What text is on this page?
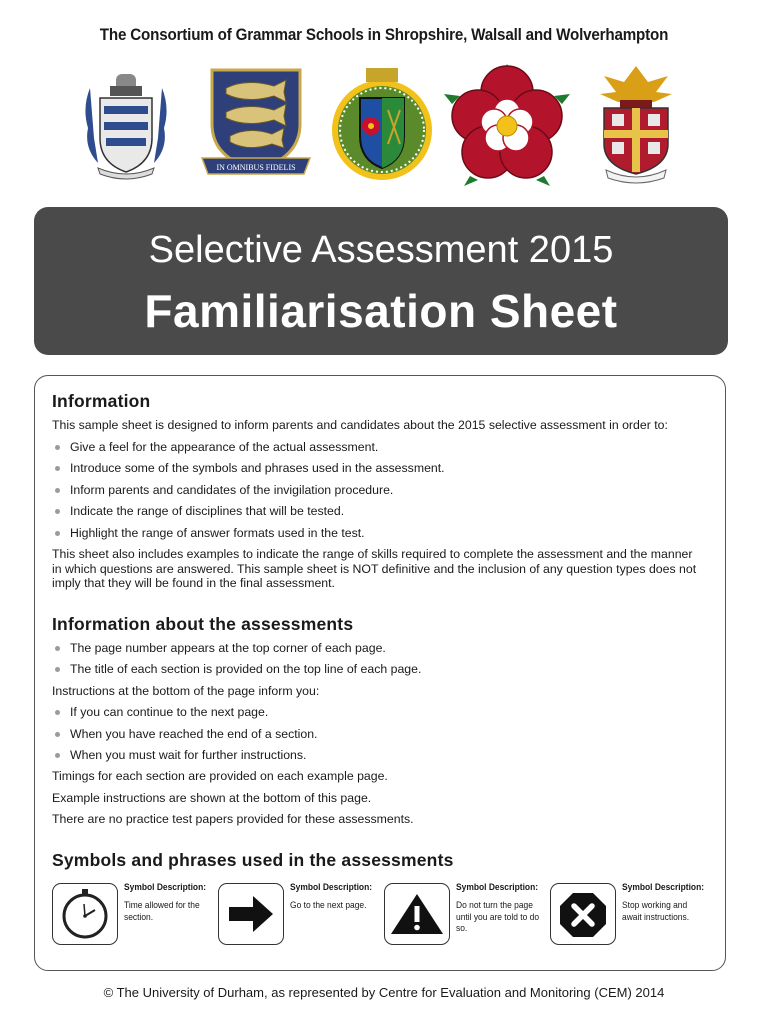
The Consortium of Grammar Schools in Shropshire, Walsall and Wolverhampton
IN OMNIBUS FIDELIS
Selective Assessment 2015
Familiarisation Sheet
Information
This sample sheet is designed to inform parents and candidates about the 2015 selective assessment in order to:
Give a feel for the appearance of the actual assessment.
Introduce some of the symbols and phrases used in the assessment.
Inform parents and candidates of the invigilation procedure.
Indicate the range of disciplines that will be tested.
Highlight the range of answer formats used in the test.
This sheet also includes examples to indicate the range of skills required to complete the assessment and the manner in which questions are answered. This sample sheet is NOT definitive and the inclusion of any question types does not imply that they will be found in the final assessment.
Information about the assessments
The page number appears at the top corner of each page.
The title of each section is provided on the top line of each page.
Instructions at the bottom of the page inform you:
If you can continue to the next page.
When you have reached the end of a section.
When you must wait for further instructions.
Timings for each section are provided on each example page.
Example instructions are shown at the bottom of this page.
There are no practice test papers provided for these assessments.
Symbols and phrases used in the assessments
Symbol Description:
Time allowed for the section.
Symbol Description:
Go to the next page.
Symbol Description:
Do not turn the page until you are told to do so.
Symbol Description:
Stop working and await instructions.
© The University of Durham, as represented by Centre for Evaluation and Monitoring (CEM) 2014
